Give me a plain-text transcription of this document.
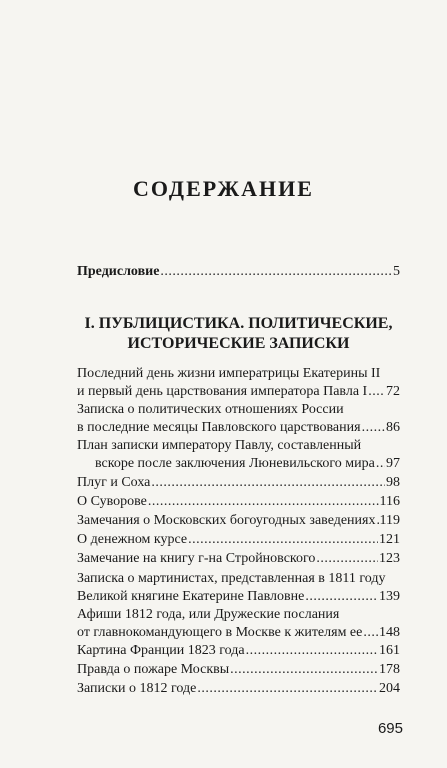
СОДЕРЖАНИЕ
Предисловие .....	5
I. ПУБЛИЦИСТИКА. ПОЛИТИЧЕСКИЕ,
ИСТОРИЧЕСКИЕ ЗАПИСКИ
Последний день жизни императрицы Екатерины II
и первый день царствования императора Павла I ..... 72
Записка о политических отношениях России
в последние месяцы Павловского царствования ..... 86
План записки императору Павлу, составленный
вскоре после заключения Люневильского мира ..... 97
Плуг и Соха .....	98
О Суворове .....	116
Замечания о Московских богоугодных заведениях ..... 119
О денежном курсе .....	121
Замечание на книгу г-на Стройновского .....	123
Записка о мартинистах, представленная в 1811 году
Великой княгине Екатерине Павловне .....	139
Афиши 1812 года, или Дружеские послания
от главнокомандующего в Москве к жителям ее ..... 148
Картина Франции 1823 года .....	161
Правда о пожаре Москвы .....	178
Записки о 1812 годе .....	204
695
